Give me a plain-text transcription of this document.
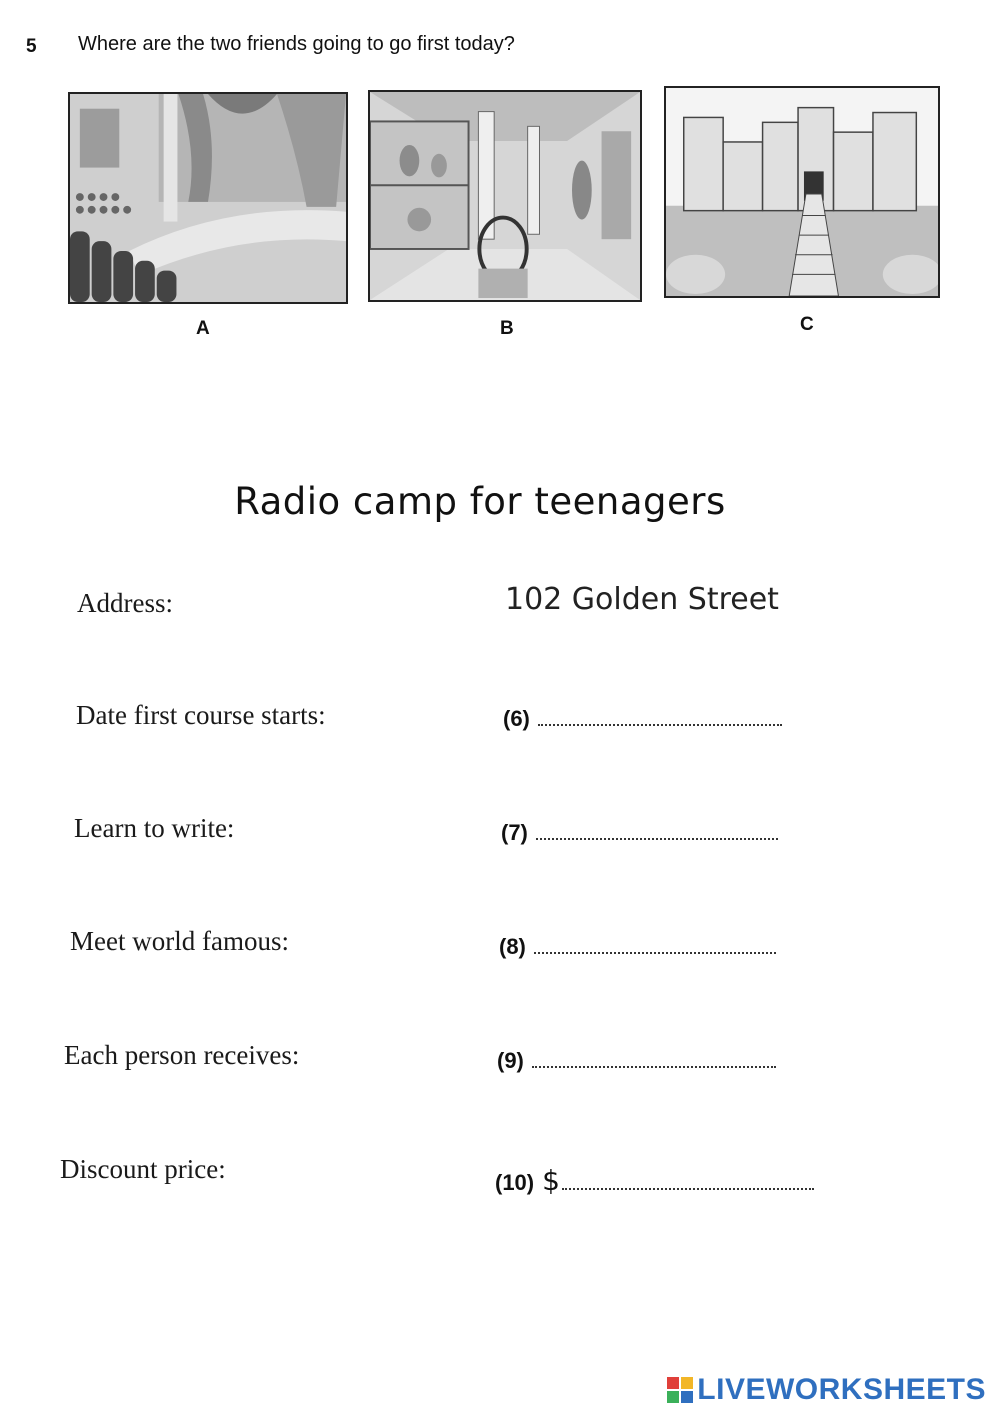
5 Where are the two friends going to go first today?
A	B	C
Radio camp for teenagers
Address:	102 Golden Street
Date first course starts:	(6)
Learn to write:	(7)
Meet world famous:	(8)
Each person receives:	(9)
Discount price:	(10) $
LIVEWORKSHEETS
